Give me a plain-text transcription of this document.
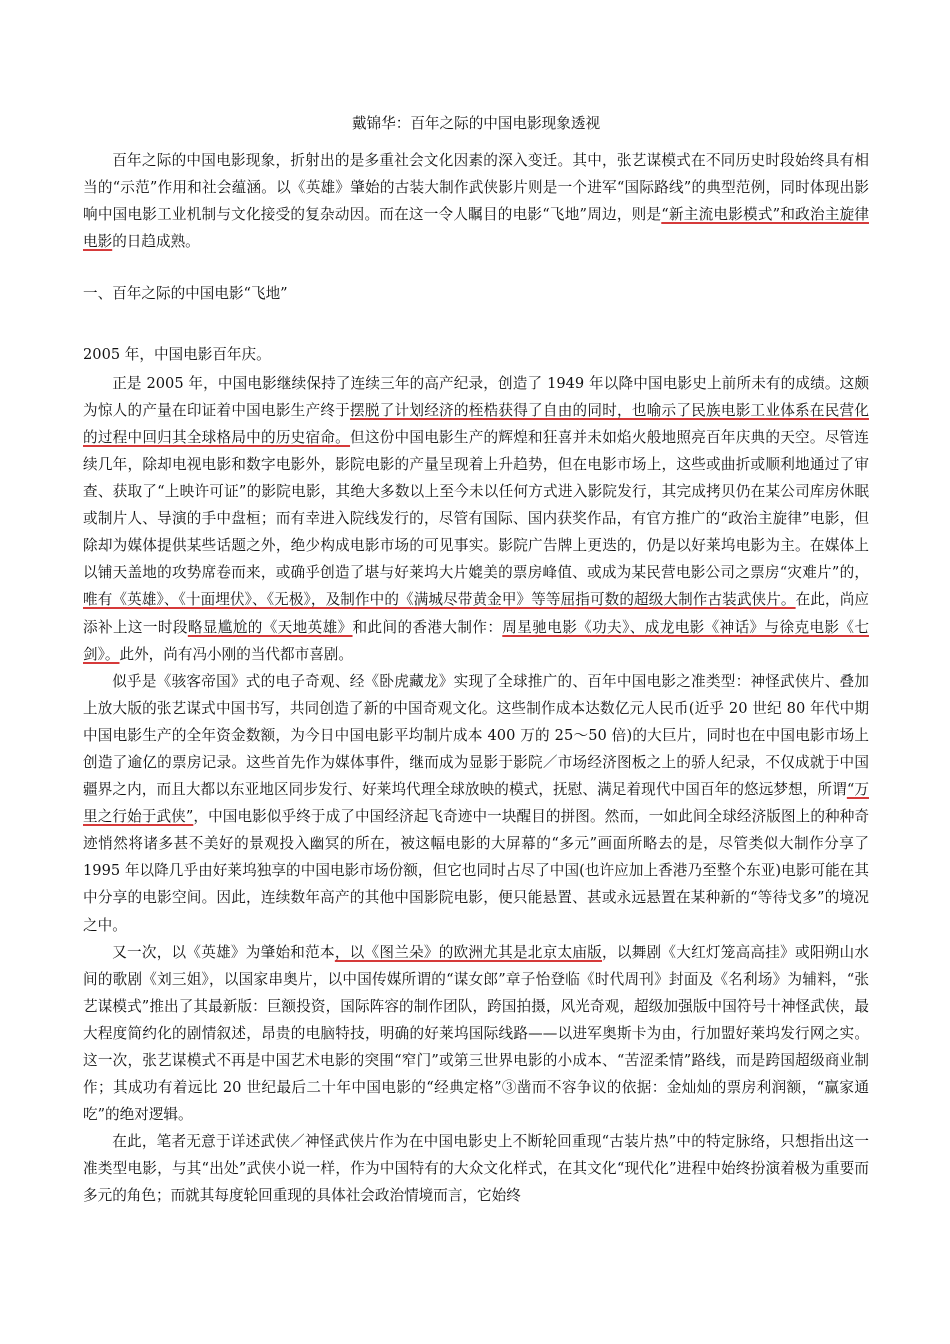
戴锦华：百年之际的中国电影现象透视

百年之际的中国电影现象，折射出的是多重社会文化因素的深入变迁。其中，张艺谋模式在不同历史时段始终具有相当的“示范”作用和社会蕴涵。以《英雄》肇始的古装大制作武侠影片则是一个进军“国际路线”的典型范例，同时体现出影响中国电影工业机制与文化接受的复杂动因。而在这一令人瞩目的电影“飞地”周边，则是“新主流电影模式”和政治主旋律电影的日趋成熟。

一、百年之际的中国电影“飞地”

2005 年，中国电影百年庆。

正是 2005 年，中国电影继续保持了连续三年的高产纪录，创造了 1949 年以降中国电影史上前所未有的成绩。这颇为惊人的产量在印证着中国电影生产终于摆脱了计划经济的桎梏获得了自由的同时，也喻示了民族电影工业体系在民营化的过程中回归其全球格局中的历史宿命。但这份中国电影生产的辉煌和狂喜并未如焰火般地照亮百年庆典的天空。尽管连续几年，除却电视电影和数字电影外，影院电影的产量呈现着上升趋势，但在电影市场上，这些或曲折或顺利地通过了审查、获取了“上映许可证”的影院电影，其绝大多数以上至今未以任何方式进入影院发行，其完成拷贝仍在某公司库房休眠或制片人、导演的手中盘桓；而有幸进入院线发行的，尽管有国际、国内获奖作品，有官方推广的“政治主旋律”电影，但除却为媒体提供某些话题之外，绝少构成电影市场的可见事实。影院广告牌上更迭的，仍是以好莱坞电影为主。在媒体上以铺天盖地的攻势席卷而来，或确乎创造了堪与好莱坞大片媲美的票房峰值、或成为某民营电影公司之票房“灾难片”的，唯有《英雄》、《十面埋伏》、《无极》，及制作中的《满城尽带黄金甲》等等屈指可数的超级大制作古装武侠片。在此，尚应添补上这一时段略显尴尬的《天地英雄》和此间的香港大制作：周星驰电影《功夫》、成龙电影《神话》与徐克电影《七剑》。此外，尚有冯小刚的当代都市喜剧。

似乎是《骇客帝国》式的电子奇观、经《卧虎藏龙》实现了全球推广的、百年中国电影之准类型：神怪武侠片、叠加上放大版的张艺谋式中国书写，共同创造了新的中国奇观文化。这些制作成本达数亿元人民币(近乎 20 世纪 80 年代中期中国电影生产的全年资金数额，为今日中国电影平均制片成本 400 万的 25～50 倍)的大巨片，同时也在中国电影市场上创造了逾亿的票房记录。这些首先作为媒体事件，继而成为显影于影院／市场经济图板之上的骄人纪录，不仅成就于中国疆界之内，而且大都以东亚地区同步发行、好莱坞代理全球放映的模式，抚慰、满足着现代中国百年的悠远梦想，所谓“万里之行始于武侠”，中国电影似乎终于成了中国经济起飞奇迹中一块醒目的拼图。然而，一如此间全球经济版图上的种种奇迹悄然将诸多甚不美好的景观投入幽冥的所在，被这幅电影的大屏幕的“多元”画面所略去的是，尽管类似大制作分享了 1995 年以降几乎由好莱坞独享的中国电影市场份额，但它也同时占尽了中国(也许应加上香港乃至整个东亚)电影可能在其中分享的电影空间。因此，连续数年高产的其他中国影院电影，便只能悬置、甚或永远悬置在某种新的“等待戈多”的境况之中。

又一次，以《英雄》为肇始和范本，以《图兰朵》的欧洲尤其是北京太庙版，以舞剧《大红灯笼高高挂》或阳朔山水间的歌剧《刘三姐》，以国家串奥片，以中国传媒所谓的“谋女郎”章子怡登临《时代周刊》封面及《名利场》为辅料，“张艺谋模式”推出了其最新版：巨额投资，国际阵容的制作团队，跨国拍摄，风光奇观，超级加强版中国符号十神怪武侠，最大程度简约化的剧情叙述，昂贵的电脑特技，明确的好莱坞国际线路——以进军奥斯卡为由，行加盟好莱坞发行网之实。这一次，张艺谋模式不再是中国艺术电影的突围“窄门”或第三世界电影的小成本、“苦涩柔情”路线，而是跨国超级商业制作；其成功有着远比 20 世纪最后二十年中国电影的“经典定格”③凿而不容争议的依据：金灿灿的票房利润额，“赢家通吃”的绝对逻辑。

在此，笔者无意于详述武侠／神怪武侠片作为在中国电影史上不断轮回重现“古装片热”中的特定脉络，只想指出这一准类型电影，与其“出处”武侠小说一样，作为中国特有的大众文化样式，在其文化“现代化”进程中始终扮演着极为重要而多元的角色；而就其每度轮回重现的具体社会政治情境而言，它始终
